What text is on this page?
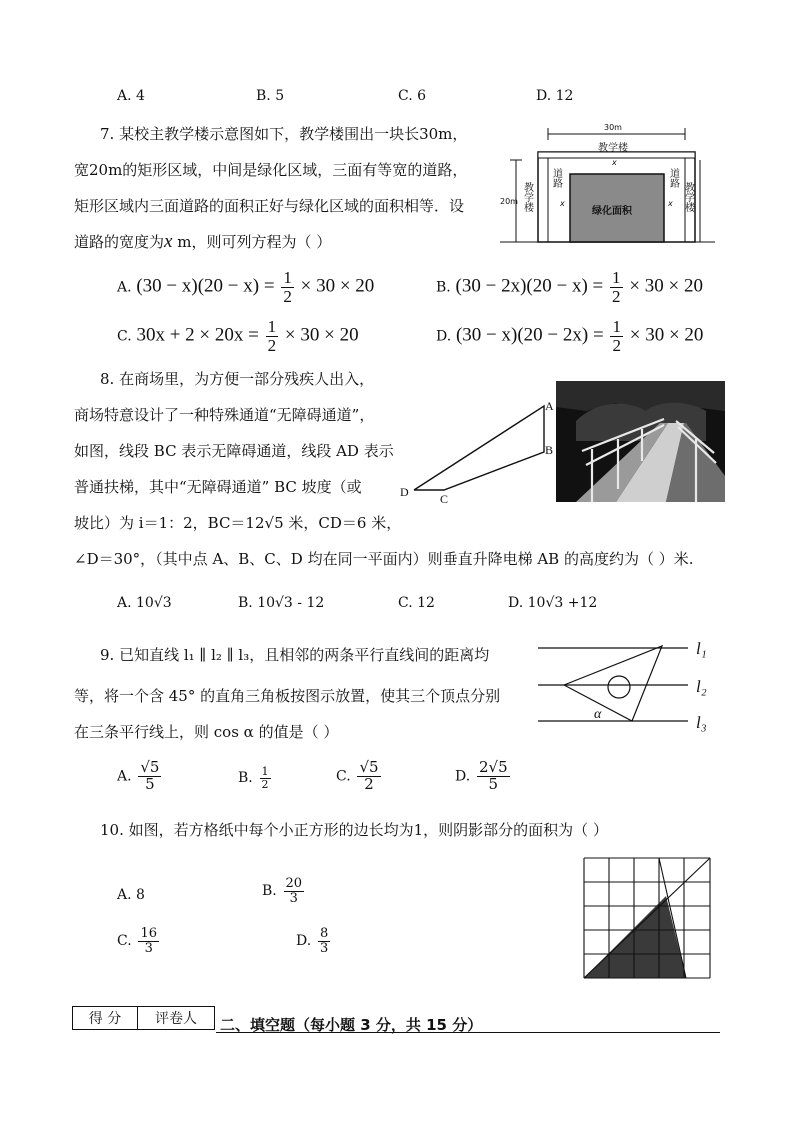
A. 4	B. 5	C. 6	D. 12
7. 某校主教学楼示意图如下，教学楼围出一块长30m，
宽20m的矩形区域，中间是绿化区域，三面有等宽的道路，
矩形区域内三面道路的面积正好与绿化区域的面积相等．设
道路的宽度为x m，则可列方程为（ ）
30m
20m
教学楼
x
x	x
教学楼
道路	道路
教学楼
绿化面积
A. $(30 - x)(20 - x) = \frac{1}{2} \times 30 \times 20$	B. $(30 - 2x)(20 - x) = \frac{1}{2} \times 30 \times 20$
C. $30x + 2 \times 20x = \frac{1}{2} \times 30 \times 20$	D. $(30 - x)(20 - 2x) = \frac{1}{2} \times 30 \times 20$
8. 在商场里，为方便一部分残疾人出入，
商场特意设计了一种特殊通道“无障碍通道”，
如图，线段 BC 表示无障碍通道，线段 AD 表示
普通扶梯，其中“无障碍通道” BC 坡度（或
坡比）为 i＝1：2，BC＝12√5 米，CD＝6 米，
∠D＝30°，（其中点 A、B、C、D 均在同一平面内）则垂直升降电梯 AB 的高度约为（ ）米.
A
B
C
D
A. 10√3	B. 10√3 - 12	C. 12	D. 10√3 +12
9. 已知直线 l₁ ∥ l₂ ∥ l₃，且相邻的两条平行直线间的距离均
等，将一个含 45° 的直角三角板按图示放置，使其三个顶点分别
在三条平行线上，则 cos α 的值是（ ）
l₁
l₂
l₃
α
A. $\frac{√5}{5}$	B. $\frac{1}{2}$	C. $\frac{√5}{2}$	D. $\frac{2√5}{5}$
10. 如图，若方格纸中每个小正方形的边长均为1，则阴影部分的面积为（ ）
A. 8	B. $\frac{20}{3}$
C. $\frac{16}{3}$	D. $\frac{8}{3}$
得 分	评卷人 二、填空题（每小题 3 分，共 15 分）
